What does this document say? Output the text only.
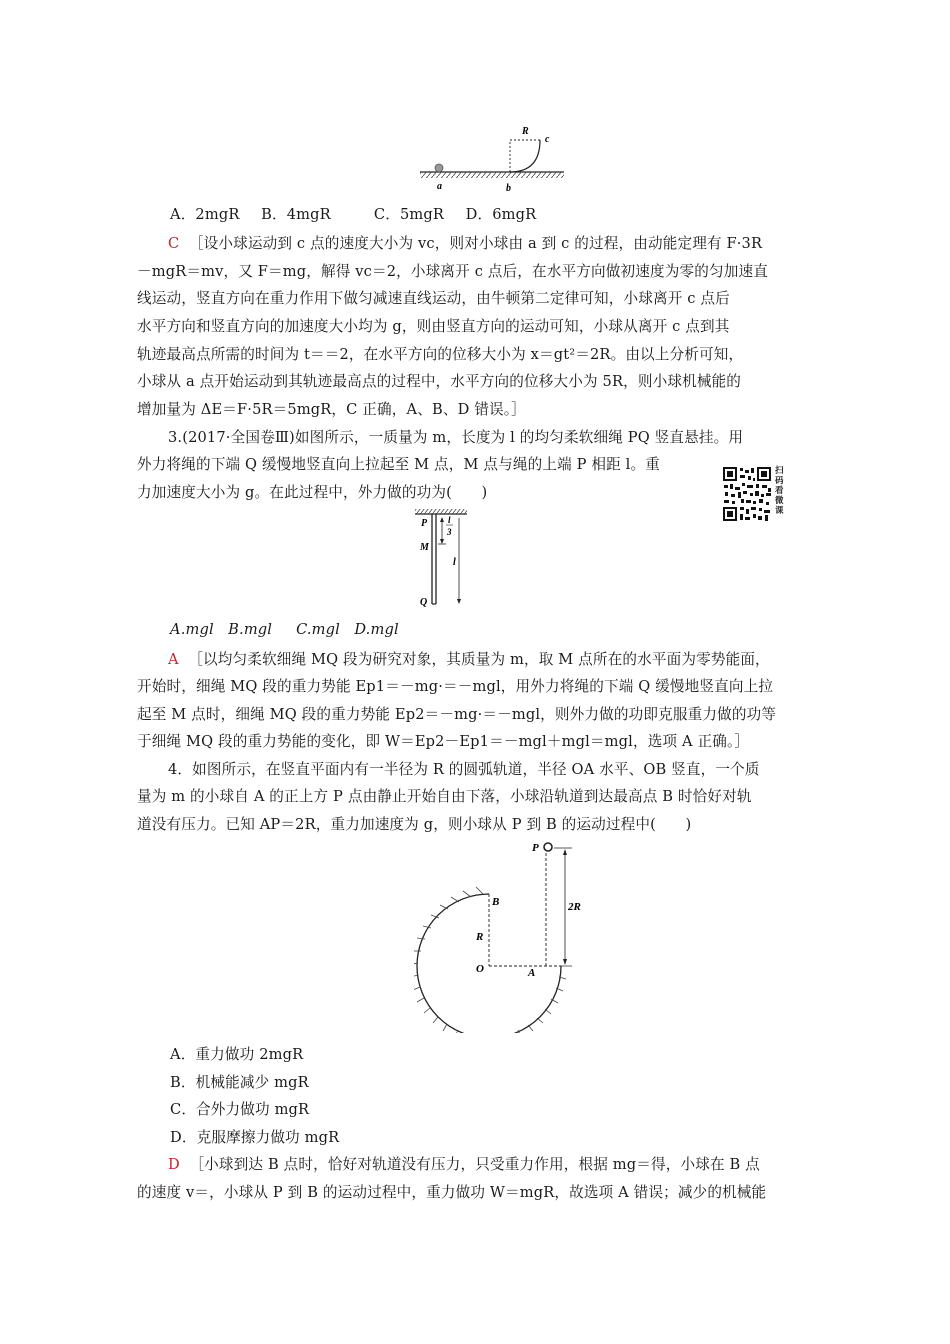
a	b
c
R
A．2mgR B．4mgR	C．5mgR D．6mgR
C ［设小球运动到 c 点的速度大小为 vc，则对小球由 a 到 c 的过程，由动能定理有 F·3R
－mgR＝mv，又 F＝mg，解得 vc＝2，小球离开 c 点后，在水平方向做初速度为零的匀加速直
线运动，竖直方向在重力作用下做匀减速直线运动，由牛顿第二定律可知，小球离开 c 点后
水平方向和竖直方向的加速度大小均为 g，则由竖直方向的运动可知，小球从离开 c 点到其
轨迹最高点所需的时间为 t＝＝2，在水平方向的位移大小为 x＝gt²＝2R。由以上分析可知，
小球从 a 点开始运动到其轨迹最高点的过程中，水平方向的位移大小为 5R，则小球机械能的
增加量为 ΔE＝F·5R＝5mgR，C 正确，A、B、D 错误。］
3.(2017·全国卷Ⅲ)如图所示，一质量为 m，长度为 l 的均匀柔软细绳 PQ 竖直悬挂。用
外力将绳的下端 Q 缓慢地竖直向上拉起至 M 点，M 点与绳的上端 P 相距 l。重
力加速度大小为 g。在此过程中，外力做的功为(　　)
扫码看微课
P
M
Q
l
3
l
A.mgl B.mgl C.mgl D.mgl
A ［以均匀柔软细绳 MQ 段为研究对象，其质量为 m，取 M 点所在的水平面为零势能面，
开始时，细绳 MQ 段的重力势能 Ep1＝－mg·＝－mgl，用外力将绳的下端 Q 缓慢地竖直向上拉
起至 M 点时，细绳 MQ 段的重力势能 Ep2＝－mg·＝－mgl，则外力做的功即克服重力做的功等
于细绳 MQ 段的重力势能的变化，即 W＝Ep2－Ep1＝－mgl＋mgl＝mgl，选项 A 正确。］
4．如图所示，在竖直平面内有一半径为 R 的圆弧轨道，半径 OA 水平、OB 竖直，一个质
量为 m 的小球自 A 的正上方 P 点由静止开始自由下落，小球沿轨道到达最高点 B 时恰好对轨
道没有压力。已知 AP＝2R，重力加速度为 g，则小球从 P 到 B 的运动过程中(　　)
P
B
R
2R
O	A
A．重力做功 2mgR
B．机械能减少 mgR
C．合外力做功 mgR
D．克服摩擦力做功 mgR
D ［小球到达 B 点时，恰好对轨道没有压力，只受重力作用，根据 mg＝得，小球在 B 点
的速度 v＝，小球从 P 到 B 的运动过程中，重力做功 W＝mgR，故选项 A 错误；减少的机械能
